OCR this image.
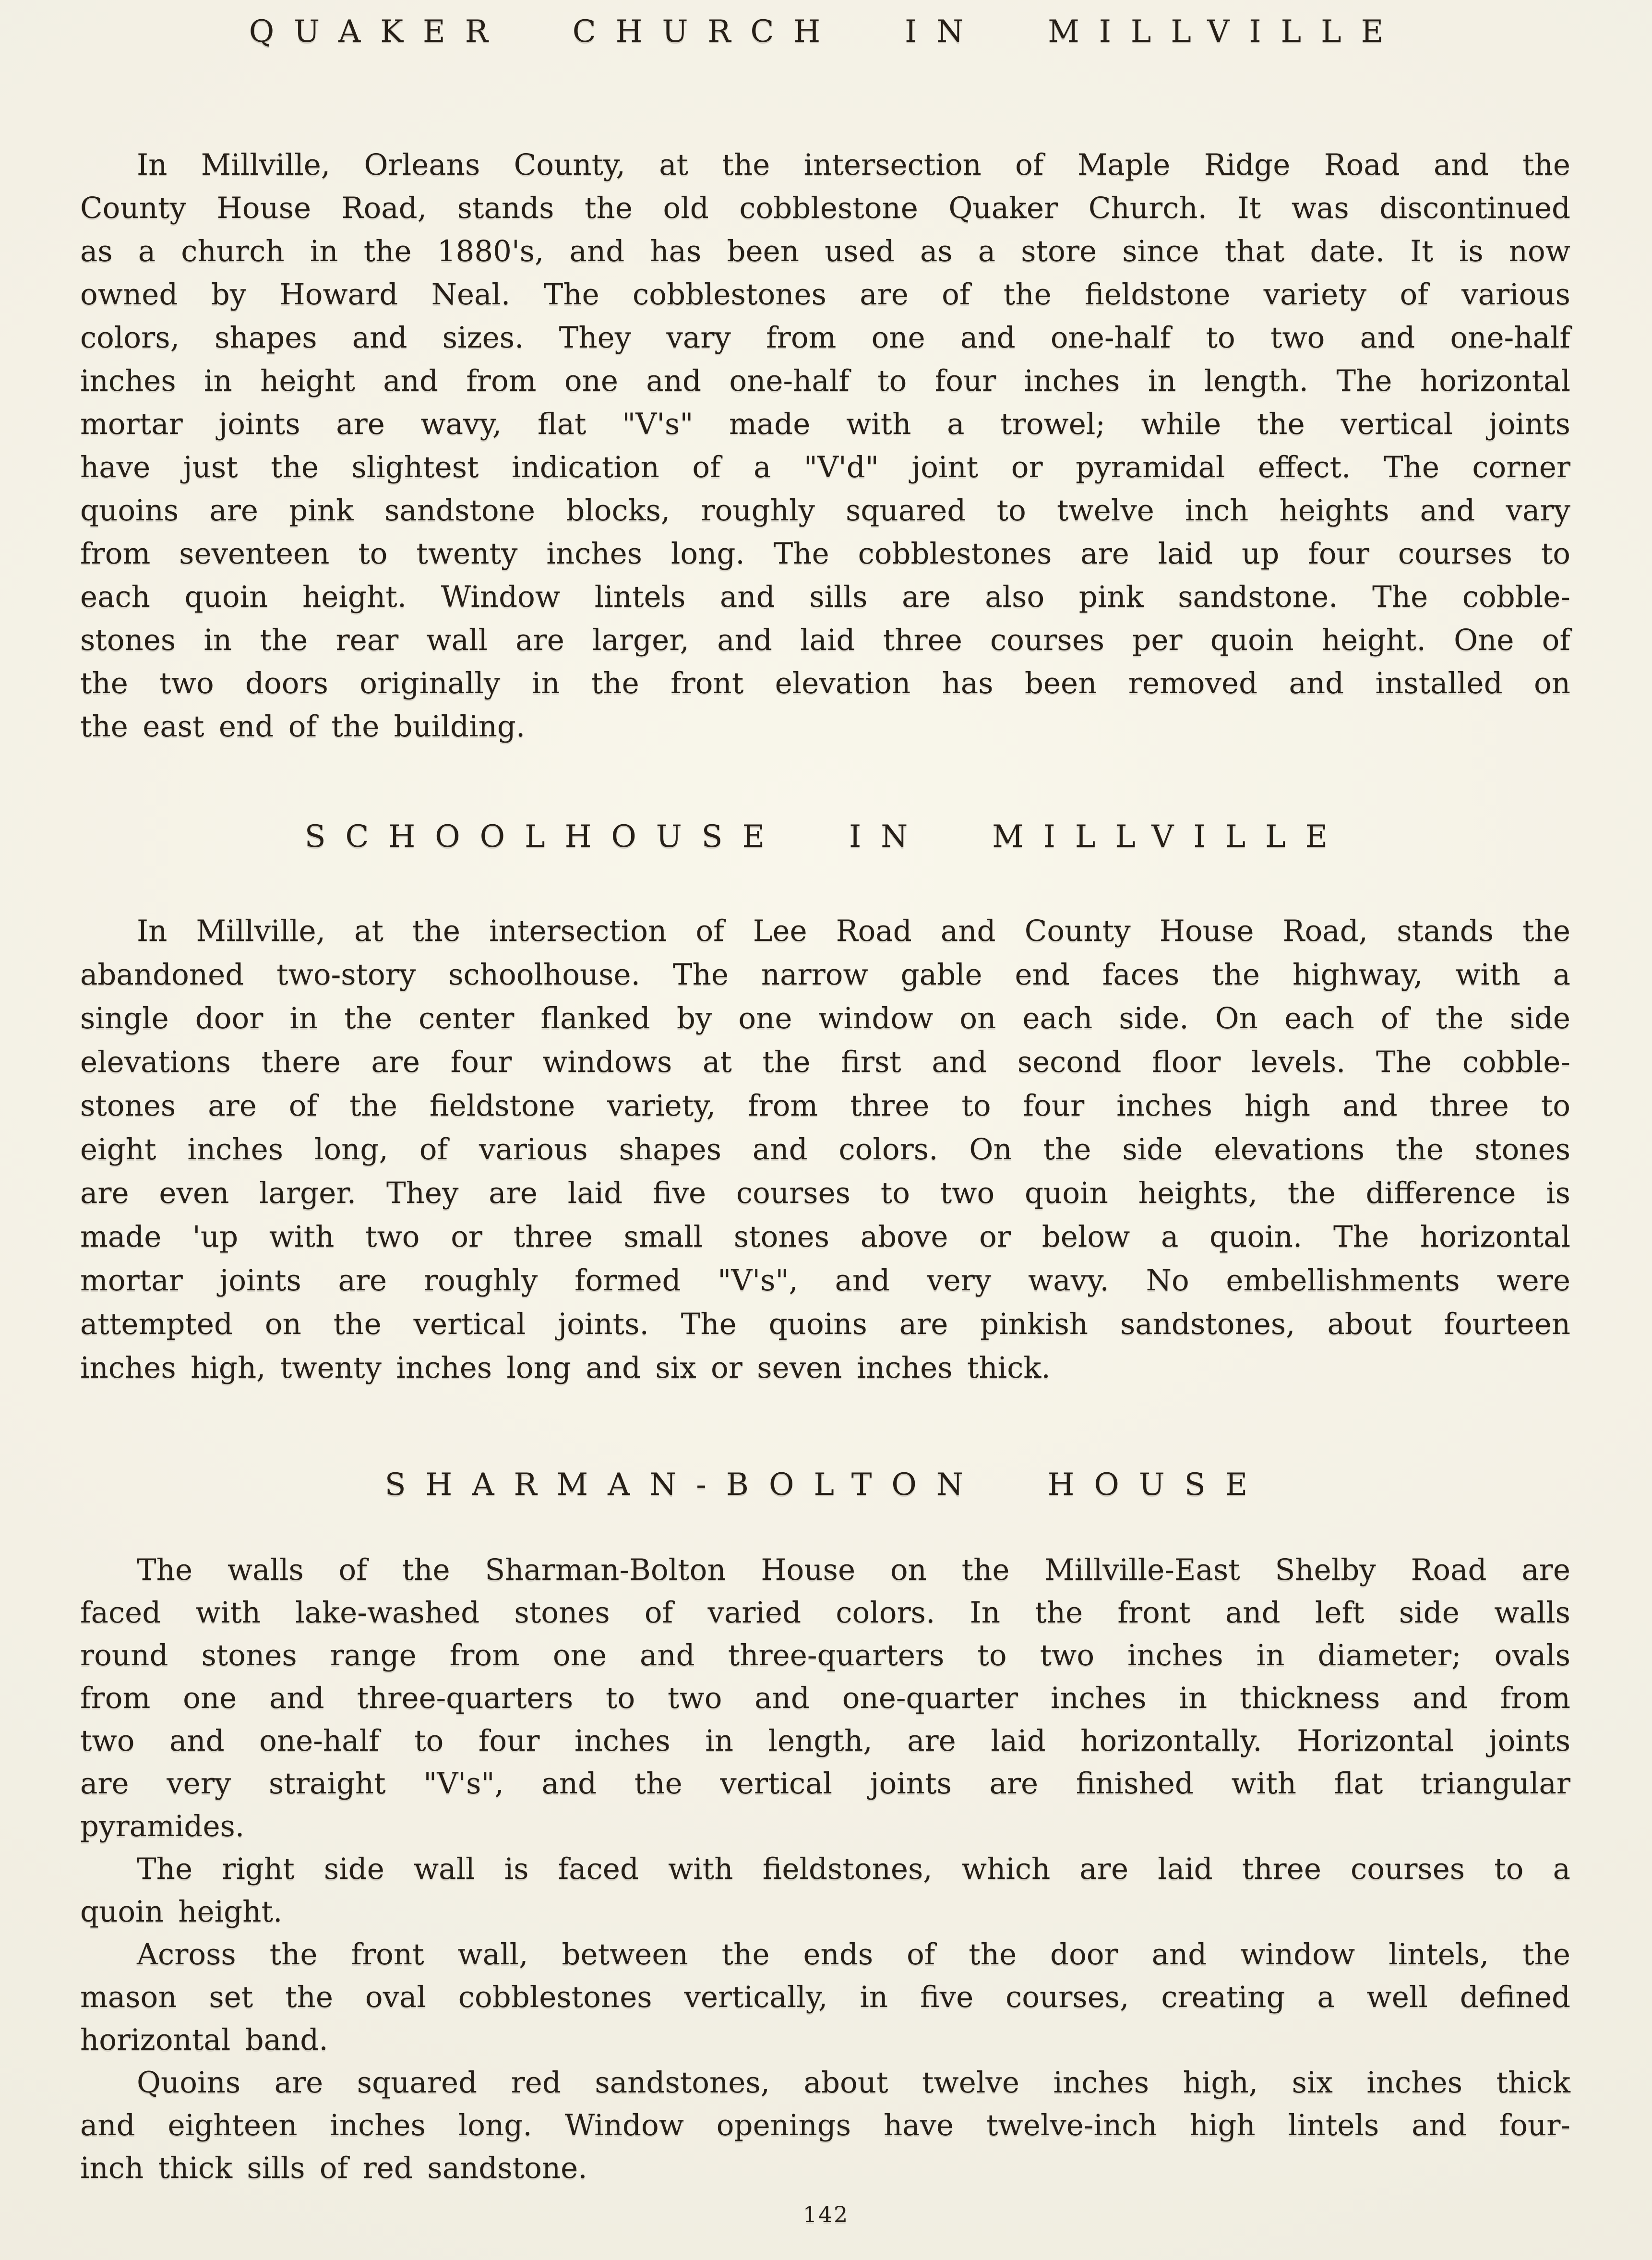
QUAKER CHURCH IN MILLVILLE
In Millville, Orleans County, at the intersection of Maple Ridge Road and the
County House Road, stands the old cobblestone Quaker Church. It was discontinued
as a church in the 1880's, and has been used as a store since that date. It is now
owned by Howard Neal. The cobblestones are of the fieldstone variety of various
colors, shapes and sizes. They vary from one and one-half to two and one-half
inches in height and from one and one-half to four inches in length. The horizontal
mortar joints are wavy, flat "V's" made with a trowel; while the vertical joints
have just the slightest indication of a "V'd" joint or pyramidal effect. The corner
quoins are pink sandstone blocks, roughly squared to twelve inch heights and vary
from seventeen to twenty inches long. The cobblestones are laid up four courses to
each quoin height. Window lintels and sills are also pink sandstone. The cobble-
stones in the rear wall are larger, and laid three courses per quoin height. One of
the two doors originally in the front elevation has been removed and installed on
the east end of the building.
SCHOOLHOUSE IN MILLVILLE
In Millville, at the intersection of Lee Road and County House Road, stands the
abandoned two-story schoolhouse. The narrow gable end faces the highway, with a
single door in the center flanked by one window on each side. On each of the side
elevations there are four windows at the first and second floor levels. The cobble-
stones are of the fieldstone variety, from three to four inches high and three to
eight inches long, of various shapes and colors. On the side elevations the stones
are even larger. They are laid five courses to two quoin heights, the difference is
made 'up with two or three small stones above or below a quoin. The horizontal
mortar joints are roughly formed "V's", and very wavy. No embellishments were
attempted on the vertical joints. The quoins are pinkish sandstones, about fourteen
inches high, twenty inches long and six or seven inches thick.
SHARMAN-BOLTON HOUSE
The walls of the Sharman-Bolton House on the Millville-East Shelby Road are
faced with lake-washed stones of varied colors. In the front and left side walls
round stones range from one and three-quarters to two inches in diameter; ovals
from one and three-quarters to two and one-quarter inches in thickness and from
two and one-half to four inches in length, are laid horizontally. Horizontal joints
are very straight "V's", and the vertical joints are finished with flat triangular
pyramides.
The right side wall is faced with fieldstones, which are laid three courses to a
quoin height.
Across the front wall, between the ends of the door and window lintels, the
mason set the oval cobblestones vertically, in five courses, creating a well defined
horizontal band.
Quoins are squared red sandstones, about twelve inches high, six inches thick
and eighteen inches long. Window openings have twelve-inch high lintels and four-
inch thick sills of red sandstone.
142
